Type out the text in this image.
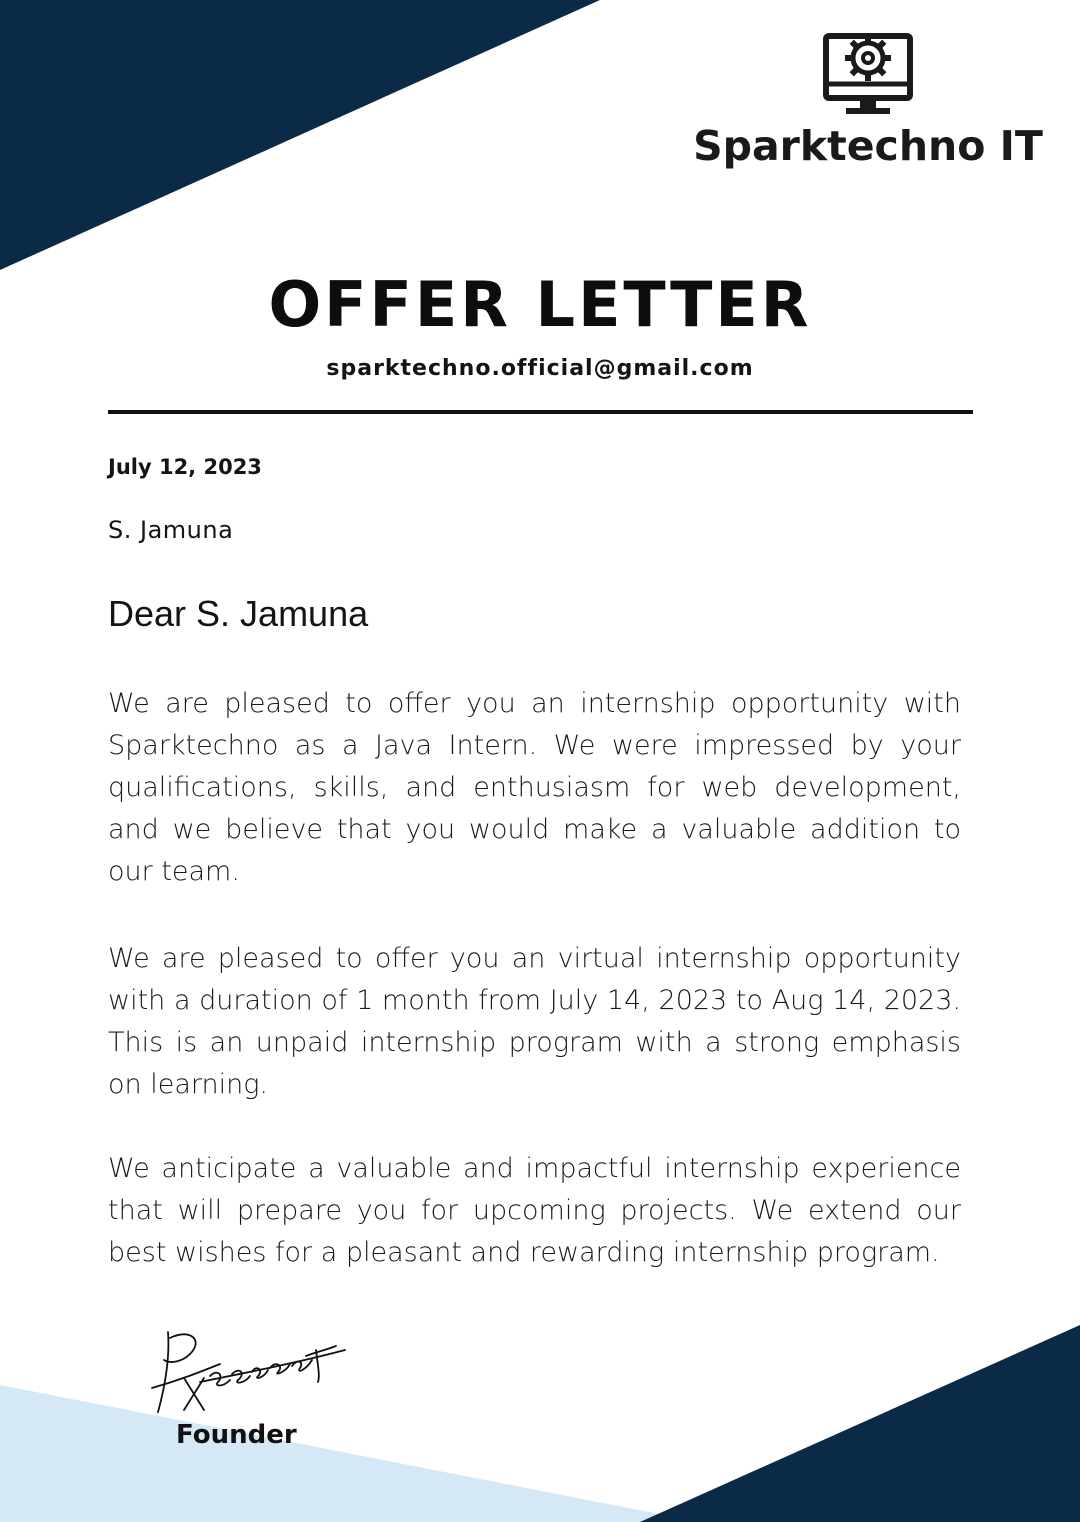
Sparktechno IT
OFFER LETTER
sparktechno.official@gmail.com
July 12, 2023
S. Jamuna
Dear S. Jamuna

We are pleased to offer you an internship opportunity with Sparktechno as a Java Intern. We were impressed by your qualifications, skills, and enthusiasm for web development, and we believe that you would make a valuable addition to our team.

We are pleased to offer you an virtual internship opportunity with a duration of 1 month from July 14, 2023 to Aug 14, 2023. This is an unpaid internship program with a strong emphasis on learning.

We anticipate a valuable and impactful internship experience that will prepare you for upcoming projects. We extend our best wishes for a pleasant and rewarding internship program.

Founder
